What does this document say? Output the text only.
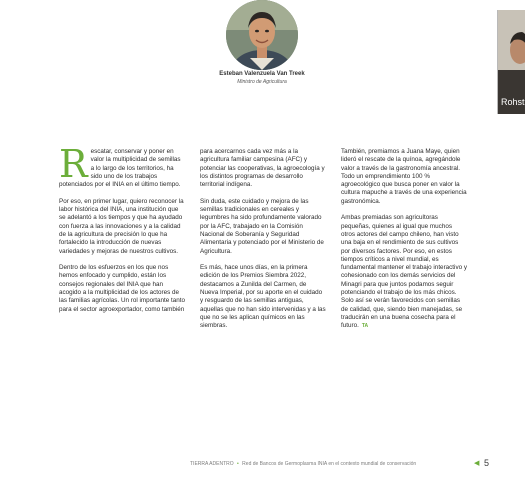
Esteban Valenzuela Van Treek
Ministro de Agricultura
Rohst

Rescatar, conservar y poner en valor la multiplicidad de semillas a lo largo de los territorios, ha sido uno de los trabajos potenciados por el INIA en el último tiempo.

Por eso, en primer lugar, quiero reconocer la labor histórica del INIA, una institución que se adelantó a los tiempos y que ha ayudado con fuerza a las innovaciones y a la calidad de la agricultura de precisión lo que ha fortalecido la introducción de nuevas variedades y mejoras de nuestros cultivos.

Dentro de los esfuerzos en los que nos hemos enfocado y cumplido, están los consejos regionales del INIA que han acogido a la multiplicidad de los actores de las familias agrícolas. Un rol importante tanto para el sector agroexportador, como también

para acercarnos cada vez más a la agricultura familiar campesina (AFC) y potenciar las cooperativas, la agroecología y los distintos programas de desarrollo territorial indígena.

Sin duda, este cuidado y mejora de las semillas tradicionales en cereales y legumbres ha sido profundamente valorado por la AFC, trabajado en la Comisión Nacional de Soberanía y Seguridad Alimentaria y potenciado por el Ministerio de Agricultura.

Es más, hace unos días, en la primera edición de los Premios Siembra 2022, destacamos a Zunilda del Carmen, de Nueva Imperial, por su aporte en el cuidado y resguardo de las semillas antiguas, aquellas que no han sido intervenidas y a las que no se les aplican químicos en las siembras.

También, premiamos a Juana Maye, quien lideró el rescate de la quínoa, agregándole valor a través de la gastronomía ancestral. Todo un emprendimiento 100 % agroecológico que busca poner en valor la cultura mapuche a través de una experiencia gastronómica.

Ambas premiadas son agricultoras pequeñas, quienes al igual que muchos otros actores del campo chileno, han visto una baja en el rendimiento de sus cultivos por diversos factores. Por eso, en estos tiempos críticos a nivel mundial, es fundamental mantener el trabajo interactivo y cohesionado con los demás servicios del Minagri para que juntos podamos seguir potenciando el trabajo de los más chicos. Solo así se verán favorecidos con semillas de calidad, que, siendo bien manejadas, se traducirán en una buena cosecha para el futuro. TA

TIERRA ADENTRO • Red de Bancos de Germoplasma INIA en el contexto mundial de conservación	◀ 5
